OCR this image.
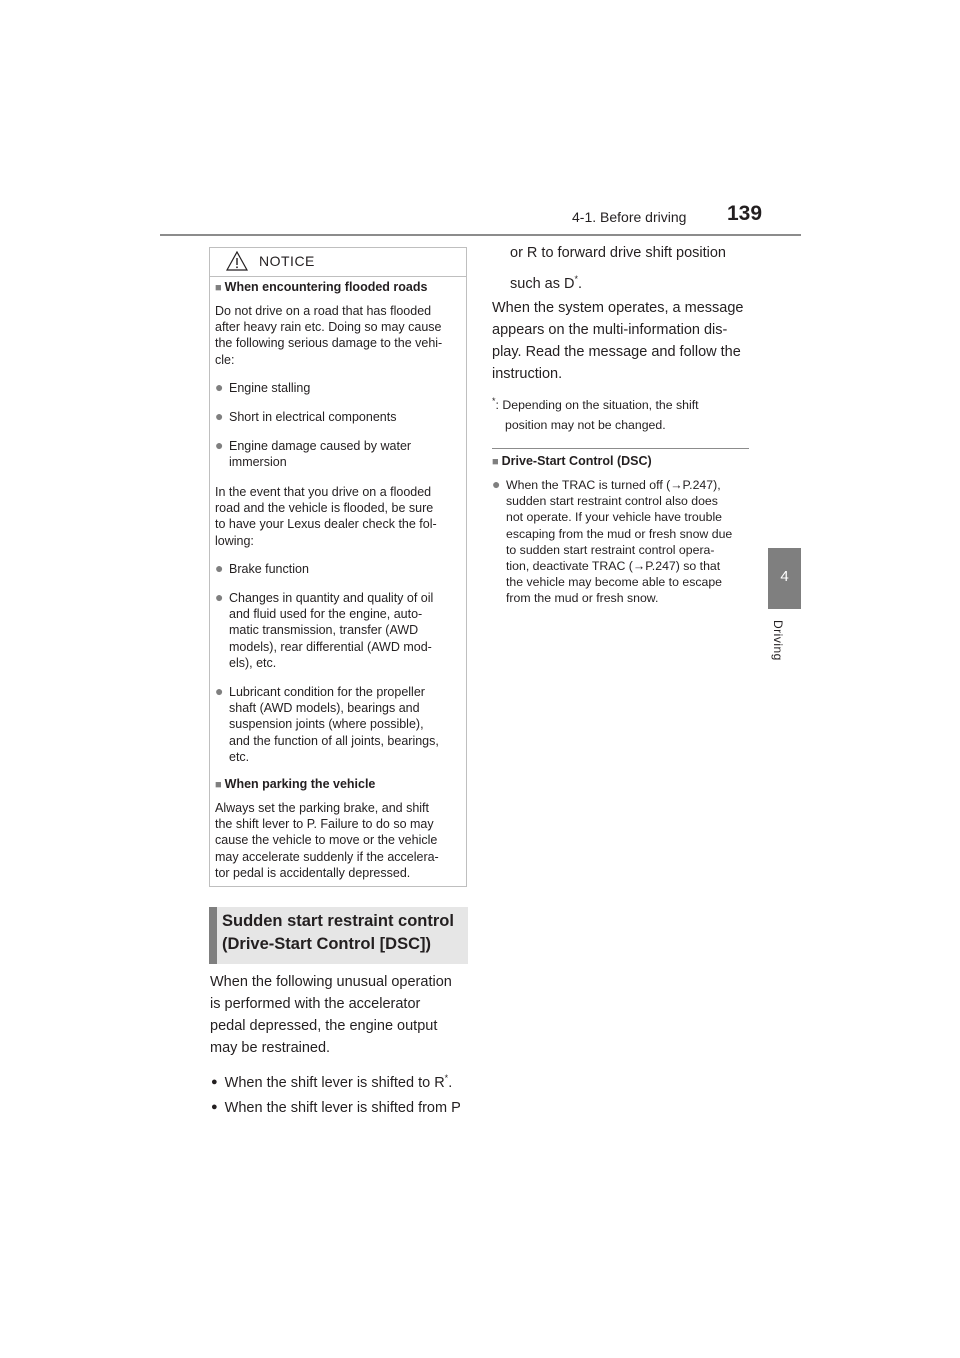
4-1. Before driving 139
4
Driving
NOTICE
■ When encountering flooded roads
Do not drive on a road that has flooded
after heavy rain etc. Doing so may cause
the following serious damage to the vehi-
cle:
● Engine stalling
● Short in electrical components
● Engine damage caused by water
immersion
In the event that you drive on a flooded
road and the vehicle is flooded, be sure
to have your Lexus dealer check the fol-
lowing:
● Brake function
● Changes in quantity and quality of oil
and fluid used for the engine, auto-
matic transmission, transfer (AWD
models), rear differential (AWD mod-
els), etc.
● Lubricant condition for the propeller
shaft (AWD models), bearings and
suspension joints (where possible),
and the function of all joints, bearings,
etc.
■ When parking the vehicle
Always set the parking brake, and shift
the shift lever to P. Failure to do so may
cause the vehicle to move or the vehicle
may accelerate suddenly if the accelera-
tor pedal is accidentally depressed.
Sudden start restraint control
(Drive-Start Control [DSC])
When the following unusual operation
is performed with the accelerator
pedal depressed, the engine output
may be restrained.
● When the shift lever is shifted to R*.
● When the shift lever is shifted from P
or R to forward drive shift position
such as D*.
When the system operates, a message
appears on the multi-information dis-
play. Read the message and follow the
instruction.
*: Depending on the situation, the shift
position may not be changed.
■ Drive-Start Control (DSC)
● When the TRAC is turned off (→P.247),
sudden start restraint control also does
not operate. If your vehicle have trouble
escaping from the mud or fresh snow due
to sudden start restraint control opera-
tion, deactivate TRAC (→P.247) so that
the vehicle may become able to escape
from the mud or fresh snow.
